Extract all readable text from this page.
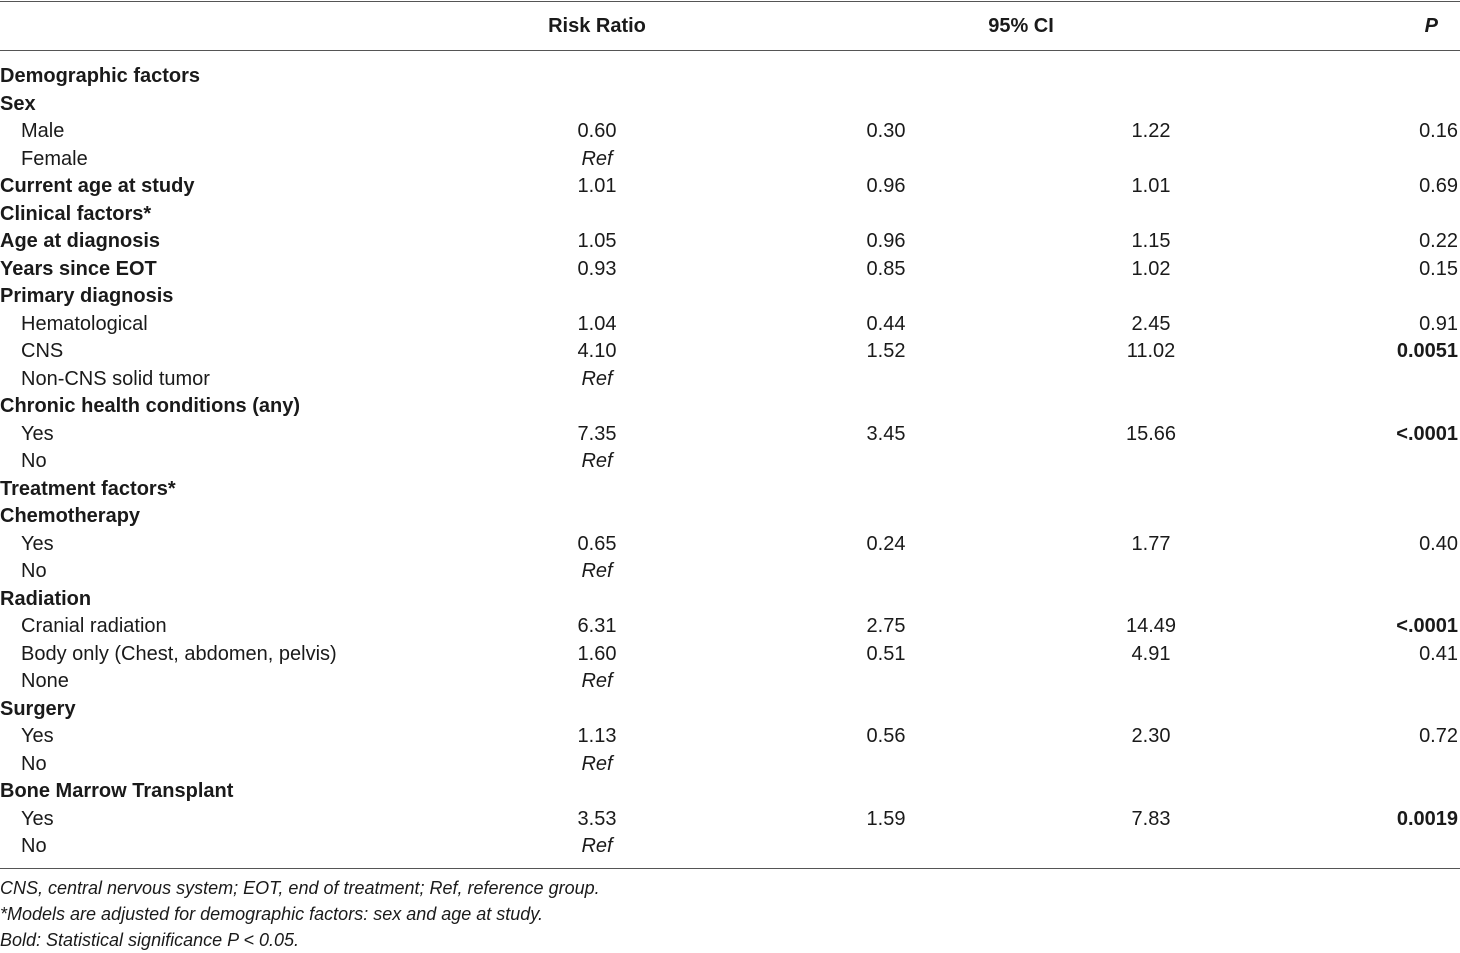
Risk Ratio	95% CI	P
Demographic factors
Sex
Male	0.60	0.30	1.22	0.16
Female	Ref
Current age at study	1.01	0.96	1.01	0.69
Clinical factors*
Age at diagnosis	1.05	0.96	1.15	0.22
Years since EOT	0.93	0.85	1.02	0.15
Primary diagnosis
Hematological	1.04	0.44	2.45	0.91
CNS	4.10	1.52	11.02	0.0051
Non-CNS solid tumor	Ref
Chronic health conditions (any)
Yes	7.35	3.45	15.66	<.0001
No	Ref
Treatment factors*
Chemotherapy
Yes	0.65	0.24	1.77	0.40
No	Ref
Radiation
Cranial radiation	6.31	2.75	14.49	<.0001
Body only (Chest, abdomen, pelvis)	1.60	0.51	4.91	0.41
None	Ref
Surgery
Yes	1.13	0.56	2.30	0.72
No	Ref
Bone Marrow Transplant
Yes	3.53	1.59	7.83	0.0019
No	Ref
CNS, central nervous system; EOT, end of treatment; Ref, reference group.
*Models are adjusted for demographic factors: sex and age at study.
Bold: Statistical significance P < 0.05.
